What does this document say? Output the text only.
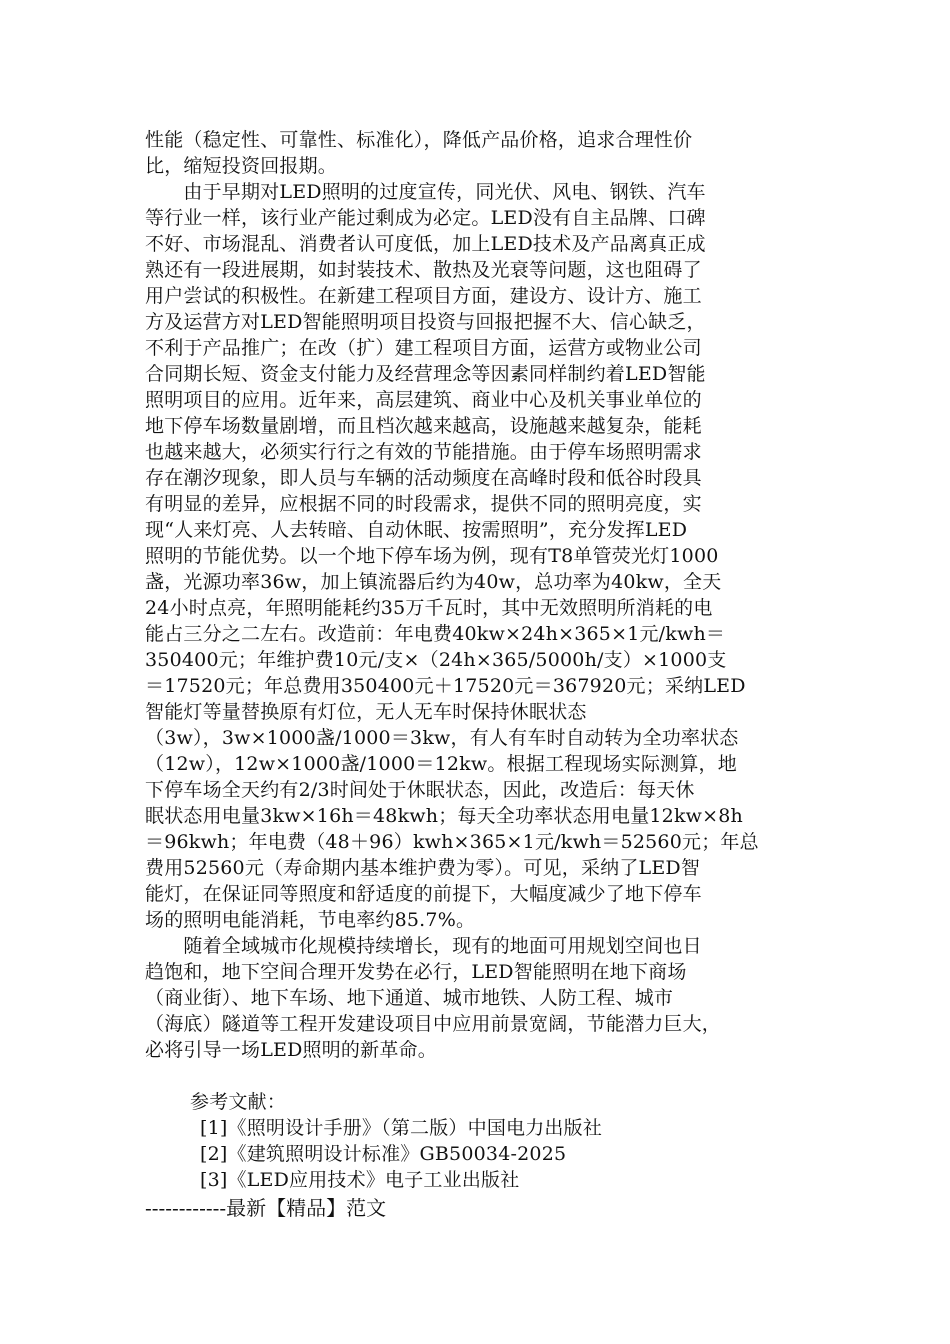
性能（稳定性、可靠性、标准化），降低产品价格，追求合理性价
比，缩短投资回报期。
　　由于早期对LED照明的过度宣传，同光伏、风电、钢铁、汽车
等行业一样，该行业产能过剩成为必定。LED没有自主品牌、口碑
不好、市场混乱、消费者认可度低，加上LED技术及产品离真正成
熟还有一段进展期，如封装技术、散热及光衰等问题，这也阻碍了
用户尝试的积极性。在新建工程项目方面，建设方、设计方、施工
方及运营方对LED智能照明项目投资与回报把握不大、信心缺乏，
不利于产品推广；在改（扩）建工程项目方面，运营方或物业公司
合同期长短、资金支付能力及经营理念等因素同样制约着LED智能
照明项目的应用。近年来，高层建筑、商业中心及机关事业单位的
地下停车场数量剧增，而且档次越来越高，设施越来越复杂，能耗
也越来越大，必须实行行之有效的节能措施。由于停车场照明需求
存在潮汐现象，即人员与车辆的活动频度在高峰时段和低谷时段具
有明显的差异，应根据不同的时段需求，提供不同的照明亮度，实
现“人来灯亮、人去转暗、自动休眠、按需照明”，充分发挥LED
照明的节能优势。以一个地下停车场为例，现有T8单管荧光灯1000
盏，光源功率36w，加上镇流器后约为40w，总功率为40kw，全天
24小时点亮，年照明能耗约35万千瓦时，其中无效照明所消耗的电
能占三分之二左右。改造前：年电费40kw×24h×365×1元/kwh＝
350400元；年维护费10元/支×（24h×365/5000h/支）×1000支
＝17520元；年总费用350400元＋17520元＝367920元；采纳LED
智能灯等量替换原有灯位，无人无车时保持休眠状态
（3w），3w×1000盏/1000＝3kw，有人有车时自动转为全功率状态
（12w），12w×1000盏/1000＝12kw。根据工程现场实际测算，地
下停车场全天约有2/3时间处于休眠状态，因此，改造后：每天休
眠状态用电量3kw×16h＝48kwh；每天全功率状态用电量12kw×8h
＝96kwh；年电费（48＋96）kwh×365×1元/kwh＝52560元；年总
费用52560元（寿命期内基本维护费为零）。可见，采纳了LED智
能灯，在保证同等照度和舒适度的前提下，大幅度减少了地下停车
场的照明电能消耗，节电率约85.7%。
　　随着全域城市化规模持续增长，现有的地面可用规划空间也日
趋饱和，地下空间合理开发势在必行，LED智能照明在地下商场
（商业街）、地下车场、地下通道、城市地铁、人防工程、城市
（海底）隧道等工程开发建设项目中应用前景宽阔，节能潜力巨大，
必将引导一场LED照明的新革命。
参考文献：
[1]《照明设计手册》（第二版）中国电力出版社
[2]《建筑照明设计标准》GB50034-2025
[3]《LED应用技术》电子工业出版社
------------最新【精品】范文
